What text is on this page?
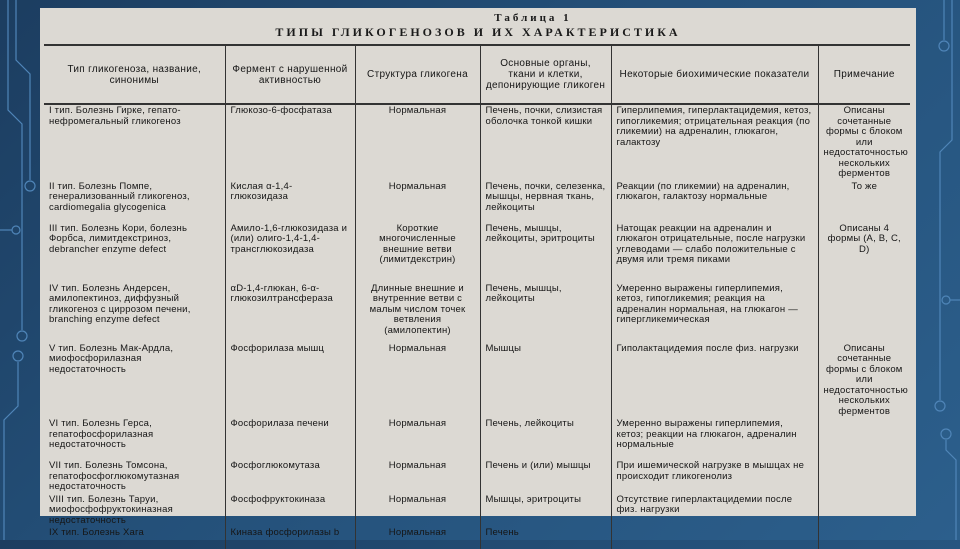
Таблица 1
ТИПЫ ГЛИКОГЕНОЗОВ И ИХ ХАРАКТЕРИСТИКА
Тип гликогеноза, название, синонимы	Фермент с нарушенной активностью	Структура гликогена	Основные органы, ткани и клетки, депонирующие гликоген	Некоторые биохимические показатели	Примечание
I тип. Болезнь Гирке, гепато-нефромегальный гликогеноз	Глюкозо-6-фосфатаза	Нормальная	Печень, почки, слизистая оболочка тонкой кишки	Гиперлипемия, гиперлактацидемия, кетоз, гипогликемия; отрицательная реакция (по гликемии) на адреналин, глюкагон, галактозу	Описаны сочетанные формы с блоком или недостаточностью нескольких ферментов
II тип. Болезнь Помпе, генерализованный гликогеноз, cardiomegalia glycogenica	Кислая α-1,4-глюкозидаза	Нормальная	Печень, почки, селезенка, мышцы, нервная ткань, лейкоциты	Реакции (по гликемии) на адреналин, глюкагон, галактозу нормальные	То же
III тип. Болезнь Кори, болезнь Форбса, лимитдекстриноз, debrancher enzyme defect	Амило-1,6-глюкозидаза и (или) олиго-1,4-1,4-трансглюкозидаза	Короткие многочисленные внешние ветви (лимитдекстрин)	Печень, мышцы, лейкоциты, эритроциты	Натощак реакции на адреналин и глюкагон отрицательные, после нагрузки углеводами — слабо положительные с двумя или тремя пиками	Описаны 4 формы (А, В, С, D)
IV тип. Болезнь Андерсен, амилопектиноз, диффузный гликогеноз с циррозом печени, branching enzyme defect	αD-1,4-глюкан, 6-α-глюкозилтрансфераза	Длинные внешние и внутренние ветви с малым числом точек ветвления (амилопектин)	Печень, мышцы, лейкоциты	Умеренно выражены гиперлипемия, кетоз, гипогликемия; реакция на адреналин нормальная, на глюкагон — гипергликемическая	
V тип. Болезнь Мак-Ардла, миофосфорилазная недостаточность	Фосфорилаза мышц	Нормальная	Мышцы	Гиполактацидемия после физ. нагрузки	Описаны сочетанные формы с блоком или недостаточностью нескольких ферментов
VI тип. Болезнь Герса, гепатофосфорилазная недостаточность	Фосфорилаза печени	Нормальная	Печень, лейкоциты	Умеренно выражены гиперлипемия, кетоз; реакции на глюкагон, адреналин нормальные	
VII тип. Болезнь Томсона, гепатофосфоглюкомутазная недостаточность	Фосфоглюкомутаза	Нормальная	Печень и (или) мышцы	При ишемической нагрузке в мышцах не происходит гликогенолиз	
VIII тип. Болезнь Таруи, миофосфофруктокиназная недостаточность	Фосфофруктокиназа	Нормальная	Мышцы, эритроциты	Отсутствие гиперлактацидемии после физ. нагрузки	
IX тип. Болезнь Хага	Киназа фосфорилазы b	Нормальная	Печень		
